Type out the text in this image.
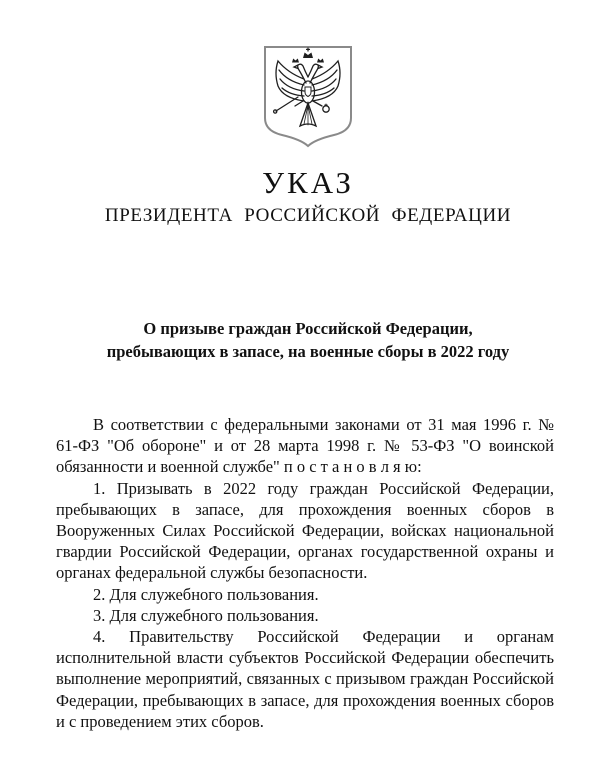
УКАЗ
ПРЕЗИДЕНТА РОССИЙСКОЙ ФЕДЕРАЦИИ
О призыве граждан Российской Федерации,
пребывающих в запасе, на военные сборы в 2022 году

В соответствии с федеральными законами от 31 мая 1996 г. № 61-ФЗ "Об обороне" и от 28 марта 1998 г. № 53-ФЗ "О воинской обязанности и военной службе" п о с т а н о в л я ю:

1. Призывать в 2022 году граждан Российской Федерации, пребывающих в запасе, для прохождения военных сборов в Вооруженных Силах Российской Федерации, войсках национальной гвардии Российской Федерации, органах государственной охраны и органах федеральной службы безопасности.

2. Для служебного пользования.

3. Для служебного пользования.

4. Правительству Российской Федерации и органам исполнительной власти субъектов Российской Федерации обеспечить выполнение мероприятий, связанных с призывом граждан Российской Федерации, пребывающих в запасе, для прохождения военных сборов и с проведением этих сборов.
